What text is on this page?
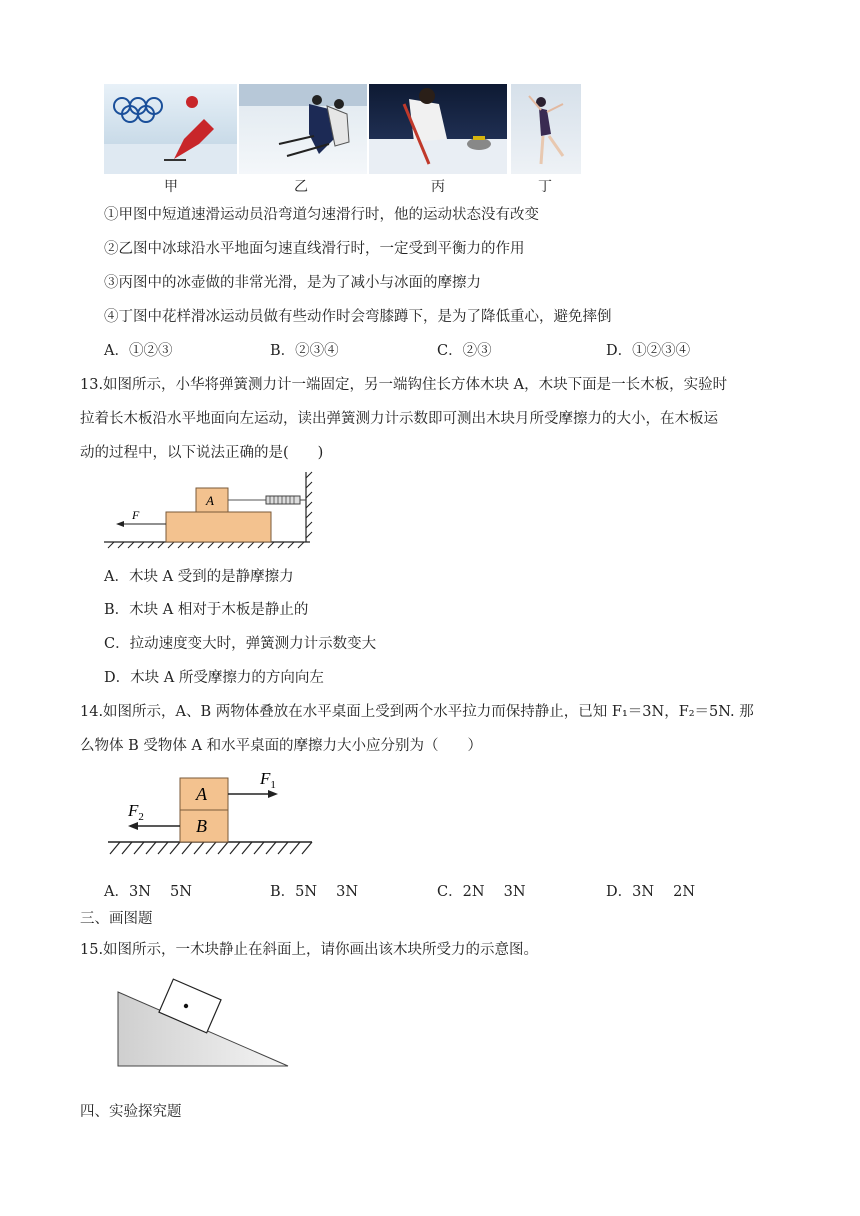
甲	乙	丙	丁
①甲图中短道速滑运动员沿弯道匀速滑行时，他的运动状态没有改变
②乙图中冰球沿水平地面匀速直线滑行时，一定受到平衡力的作用
③丙图中的冰壶做的非常光滑，是为了减小与冰面的摩擦力
④丁图中花样滑冰运动员做有些动作时会弯膝蹲下，是为了降低重心，避免摔倒
A．①②③	B．②③④	C．②③	D．①②③④
13.如图所示，小华将弹簧测力计一端固定，另一端钩住长方体木块 A，木块下面是一长木板，实验时
拉着长木板沿水平地面向左运动，读出弹簧测力计示数即可测出木块月所受摩擦力的大小，在木板运
动的过程中，以下说法正确的是(　　)
A
F
A．木块 A 受到的是静摩擦力
B．木块 A 相对于木板是静止的
C．拉动速度变大时，弹簧测力计示数变大
D．木块 A 所受摩擦力的方向向左
14.如图所示，A、B 两物体叠放在水平桌面上受到两个水平拉力而保持静止，已知 F₁＝3N，F₂＝5N. 那
么物体 B 受物体 A 和水平桌面的摩擦力大小应分别为（　　）
A
B
$F_1$
$F_2$
A．3N　 5N	B．5N　 3N	C．2N　 3N	D．3N　 2N
三、画图题
15.如图所示，一木块静止在斜面上，请你画出该木块所受力的示意图。
四、实验探究题
